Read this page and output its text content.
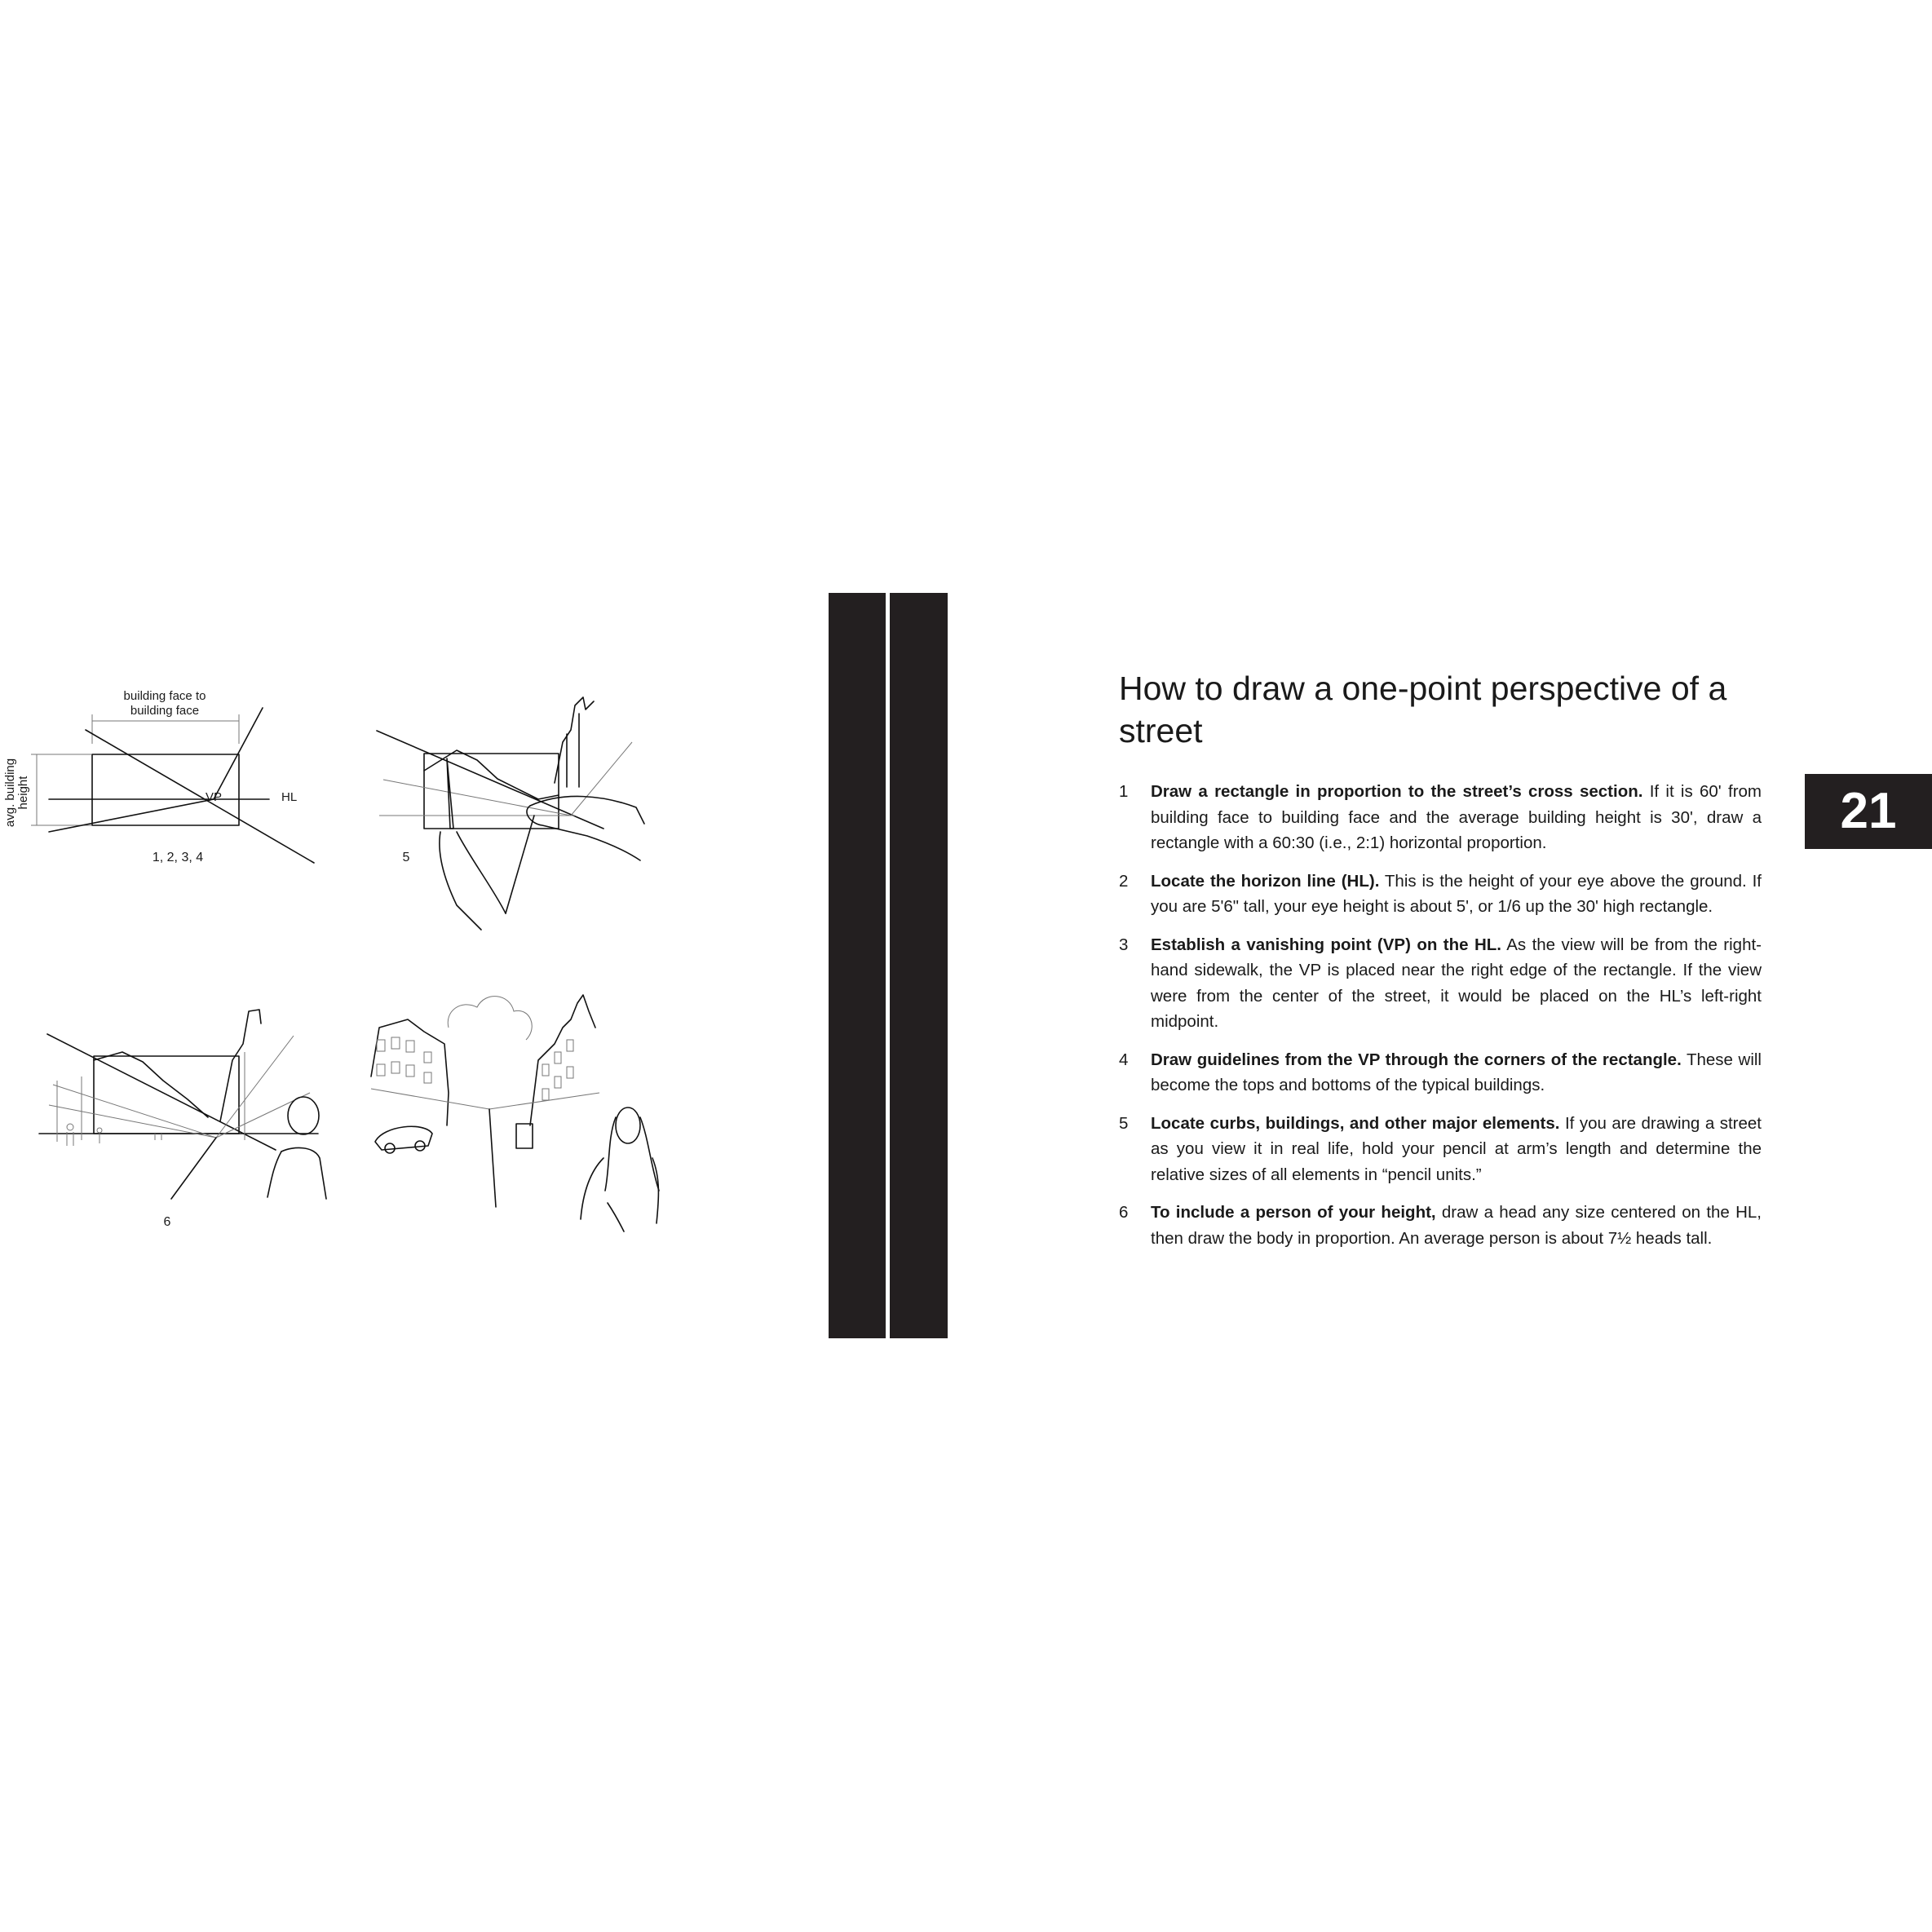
building face to
building face
avg. building height	VP	HL
1, 2, 3, 4	5
6
How to draw a one-point perspective of a street
1 Draw a rectangle in proportion to the street’s cross section. If it is 60' from building face to building face and the average building height is 30', draw a rectangle with a 60:30 (i.e., 2:1) horizontal proportion.
2 Locate the horizon line (HL). This is the height of your eye above the ground. If you are 5'6" tall, your eye height is about 5', or 1/6 up the 30' high rectangle.
3 Establish a vanishing point (VP) on the HL. As the view will be from the right-hand sidewalk, the VP is placed near the right edge of the rectangle. If the view were from the center of the street, it would be placed on the HL’s left-right midpoint.
4 Draw guidelines from the VP through the corners of the rectangle. These will become the tops and bottoms of the typical buildings.
5 Locate curbs, buildings, and other major elements. If you are drawing a street as you view it in real life, hold your pencil at arm’s length and determine the relative sizes of all elements in “pencil units.”
6 To include a person of your height, draw a head any size centered on the HL, then draw the body in proportion. An average person is about 7½ heads tall.
21
